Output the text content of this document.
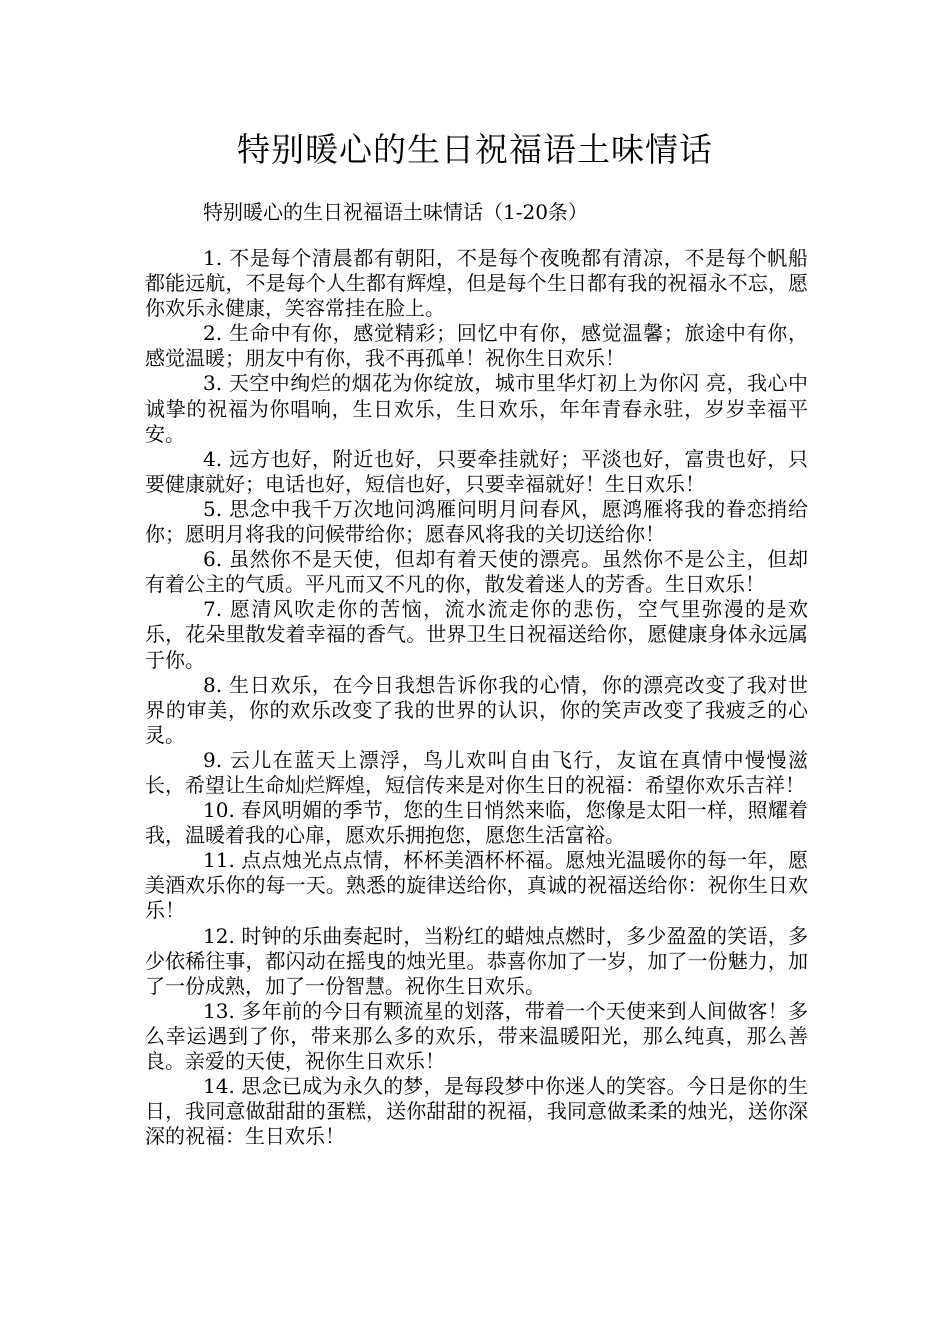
特别暖心的生日祝福语土味情话

特别暖心的生日祝福语土味情话（1-20条）

1. 不是每个清晨都有朝阳，不是每个夜晚都有清凉，不是每个帆船都能远航，不是每个人生都有辉煌，但是每个生日都有我的祝福永不忘，愿你欢乐永健康，笑容常挂在脸上。

2. 生命中有你，感觉精彩；回忆中有你，感觉温馨；旅途中有你，感觉温暖；朋友中有你，我不再孤单！祝你生日欢乐！

3. 天空中绚烂的烟花为你绽放，城市里华灯初上为你闪 亮，我心中诚挚的祝福为你唱响，生日欢乐，生日欢乐，年年青春永驻，岁岁幸福平安。

4. 远方也好，附近也好，只要牵挂就好；平淡也好，富贵也好，只要健康就好；电话也好，短信也好，只要幸福就好！生日欢乐！

5. 思念中我千万次地问鸿雁问明月问春风，愿鸿雁将我的眷恋捎给你；愿明月将我的问候带给你；愿春风将我的关切送给你！

6. 虽然你不是天使，但却有着天使的漂亮。虽然你不是公主，但却有着公主的气质。平凡而又不凡的你，散发着迷人的芳香。生日欢乐！

7. 愿清风吹走你的苦恼，流水流走你的悲伤，空气里弥漫的是欢乐，花朵里散发着幸福的香气。世界卫生日祝福送给你，愿健康身体永远属于你。

8. 生日欢乐，在今日我想告诉你我的心情，你的漂亮改变了我对世界的审美，你的欢乐改变了我的世界的认识，你的笑声改变了我疲乏的心灵。

9. 云儿在蓝天上漂浮，鸟儿欢叫自由飞行，友谊在真情中慢慢滋长，希望让生命灿烂辉煌，短信传来是对你生日的祝福：希望你欢乐吉祥！

10. 春风明媚的季节，您的生日悄然来临，您像是太阳一样，照耀着我，温暖着我的心扉，愿欢乐拥抱您，愿您生活富裕。

11. 点点烛光点点情，杯杯美酒杯杯福。愿烛光温暖你的每一年，愿美酒欢乐你的每一天。熟悉的旋律送给你，真诚的祝福送给你：祝你生日欢乐！

12. 时钟的乐曲奏起时，当粉红的蜡烛点燃时，多少盈盈的笑语，多少依稀往事，都闪动在摇曳的烛光里。恭喜你加了一岁，加了一份魅力，加了一份成熟，加了一份智慧。祝你生日欢乐。

13. 多年前的今日有颗流星的划落，带着一个天使来到人间做客！多么幸运遇到了你，带来那么多的欢乐，带来温暖阳光，那么纯真，那么善良。亲爱的天使，祝你生日欢乐！

14. 思念已成为永久的梦，是每段梦中你迷人的笑容。今日是你的生日，我同意做甜甜的蛋糕，送你甜甜的祝福，我同意做柔柔的烛光，送你深深的祝福：生日欢乐！
